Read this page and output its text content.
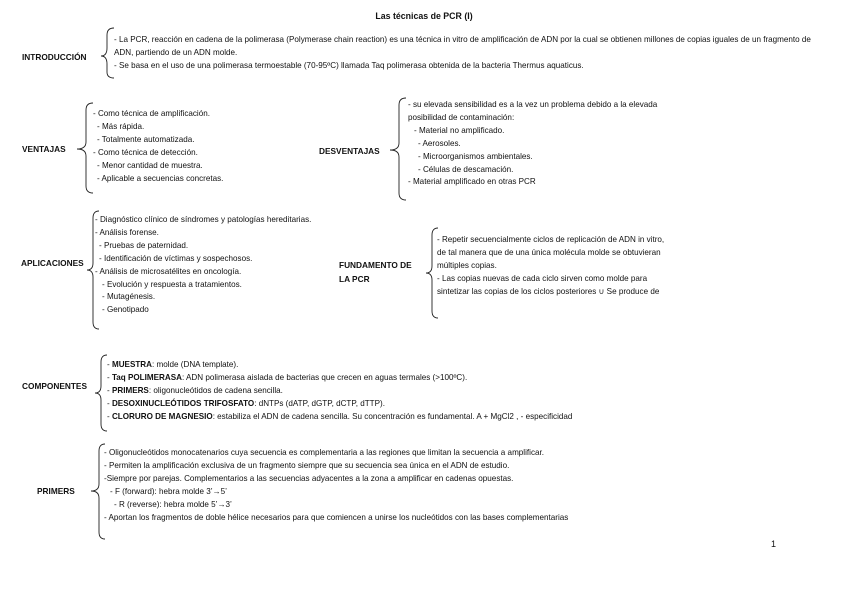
Las técnicas de PCR (I)
INTRODUCCIÓN
- La PCR, reacción en cadena de la polimerasa (Polymerase chain reaction) es una técnica in vitro de amplificación de ADN por la cual se obtienen millones de copias iguales de un fragmento de ADN, partiendo de un ADN molde.
- Se basa en el uso de una polimerasa termoestable (70-95ºC) llamada Taq polimerasa obtenida de la bacteria Thermus aquaticus.
VENTAJAS
- Como técnica de amplificación.
- Más rápida.
- Totalmente automatizada.
- Como técnica de detección.
- Menor cantidad de muestra.
- Aplicable a secuencias concretas.
DESVENTAJAS
- su elevada sensibilidad es a la vez un problema debido a la elevada
posibilidad de contaminación:
- Material no amplificado.
- Aerosoles.
- Microorganismos ambientales.
- Células de descamación.
- Material amplificado en otras PCR
APLICACIONES
- Diagnóstico clínico de síndromes y patologías hereditarias.
- Análisis forense.
- Pruebas de paternidad.
- Identificación de víctimas y sospechosos.
- Análisis de microsatélites en oncología.
- Evolución y respuesta a tratamientos.
- Mutagénesis.
- Genotipado
FUNDAMENTO DE
LA PCR
- Repetir secuencialmente ciclos de replicación de ADN in vitro,
de tal manera que de una única molécula molde se obtuvieran
múltiples copias.
- Las copias nuevas de cada ciclo sirven como molde para
sintetizar las copias de los ciclos posteriores ∪ Se produce de
COMPONENTES
- MUESTRA: molde (DNA template).
- Taq POLIMERASA: ADN polimerasa aislada de bacterias que crecen en aguas termales (>100ºC).
- PRIMERS: oligonucleótidos de cadena sencilla.
- DESOXINUCLEÓTIDOS TRIFOSFATO: dNTPs (dATP, dGTP, dCTP, dTTP).
- CLORURO DE MAGNESIO: estabiliza el ADN de cadena sencilla. Su concentración es fundamental. A + MgCl2 , - especificidad
PRIMERS
- Oligonucleótidos monocatenarios cuya secuencia es complementaria a las regiones que limitan la secuencia a amplificar.
- Permiten la amplificación exclusiva de un fragmento siempre que su secuencia sea única en el ADN de estudio.
-Siempre por parejas. Complementarios a las secuencias adyacentes a la zona a amplificar en cadenas opuestas.
- F (forward): hebra molde 3’→5’
- R (reverse): hebra molde 5’→3’
- Aportan los fragmentos de doble hélice necesarios para que comiencen a unirse los nucleótidos con las bases complementarias
1
